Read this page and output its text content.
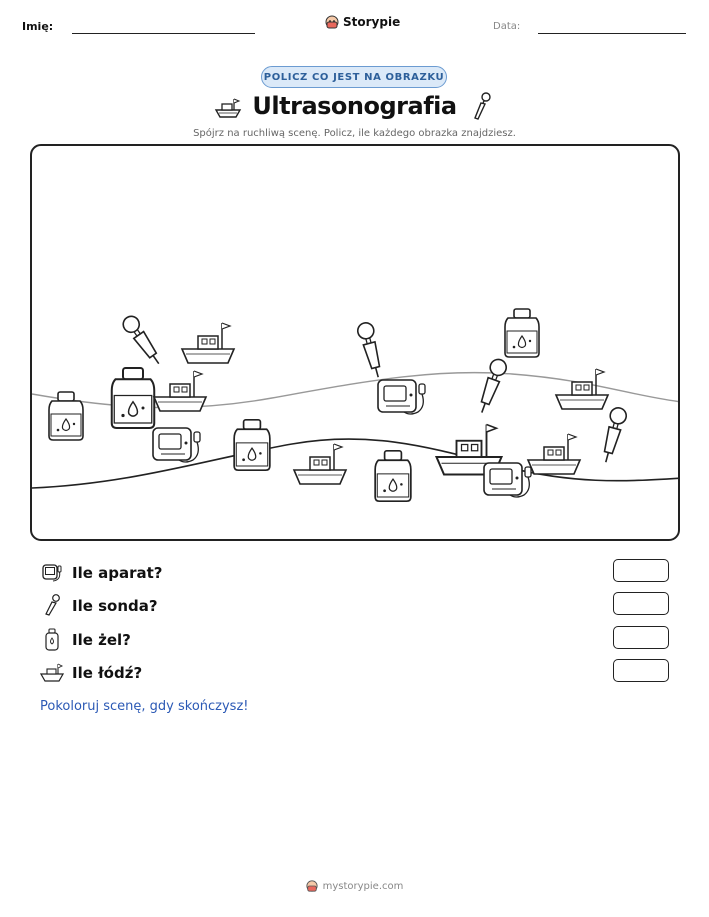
Imię:	Storypie	Data:
POLICZ CO JEST NA OBRAZKU
Ultrasonografia
Spójrz na ruchliwą scenę. Policz, ile każdego obrazka znajdziesz.
Ile aparat?
Ile sonda?
Ile żel?
Ile łódź?
Pokoloruj scenę, gdy skończysz!
mystorypie.com
